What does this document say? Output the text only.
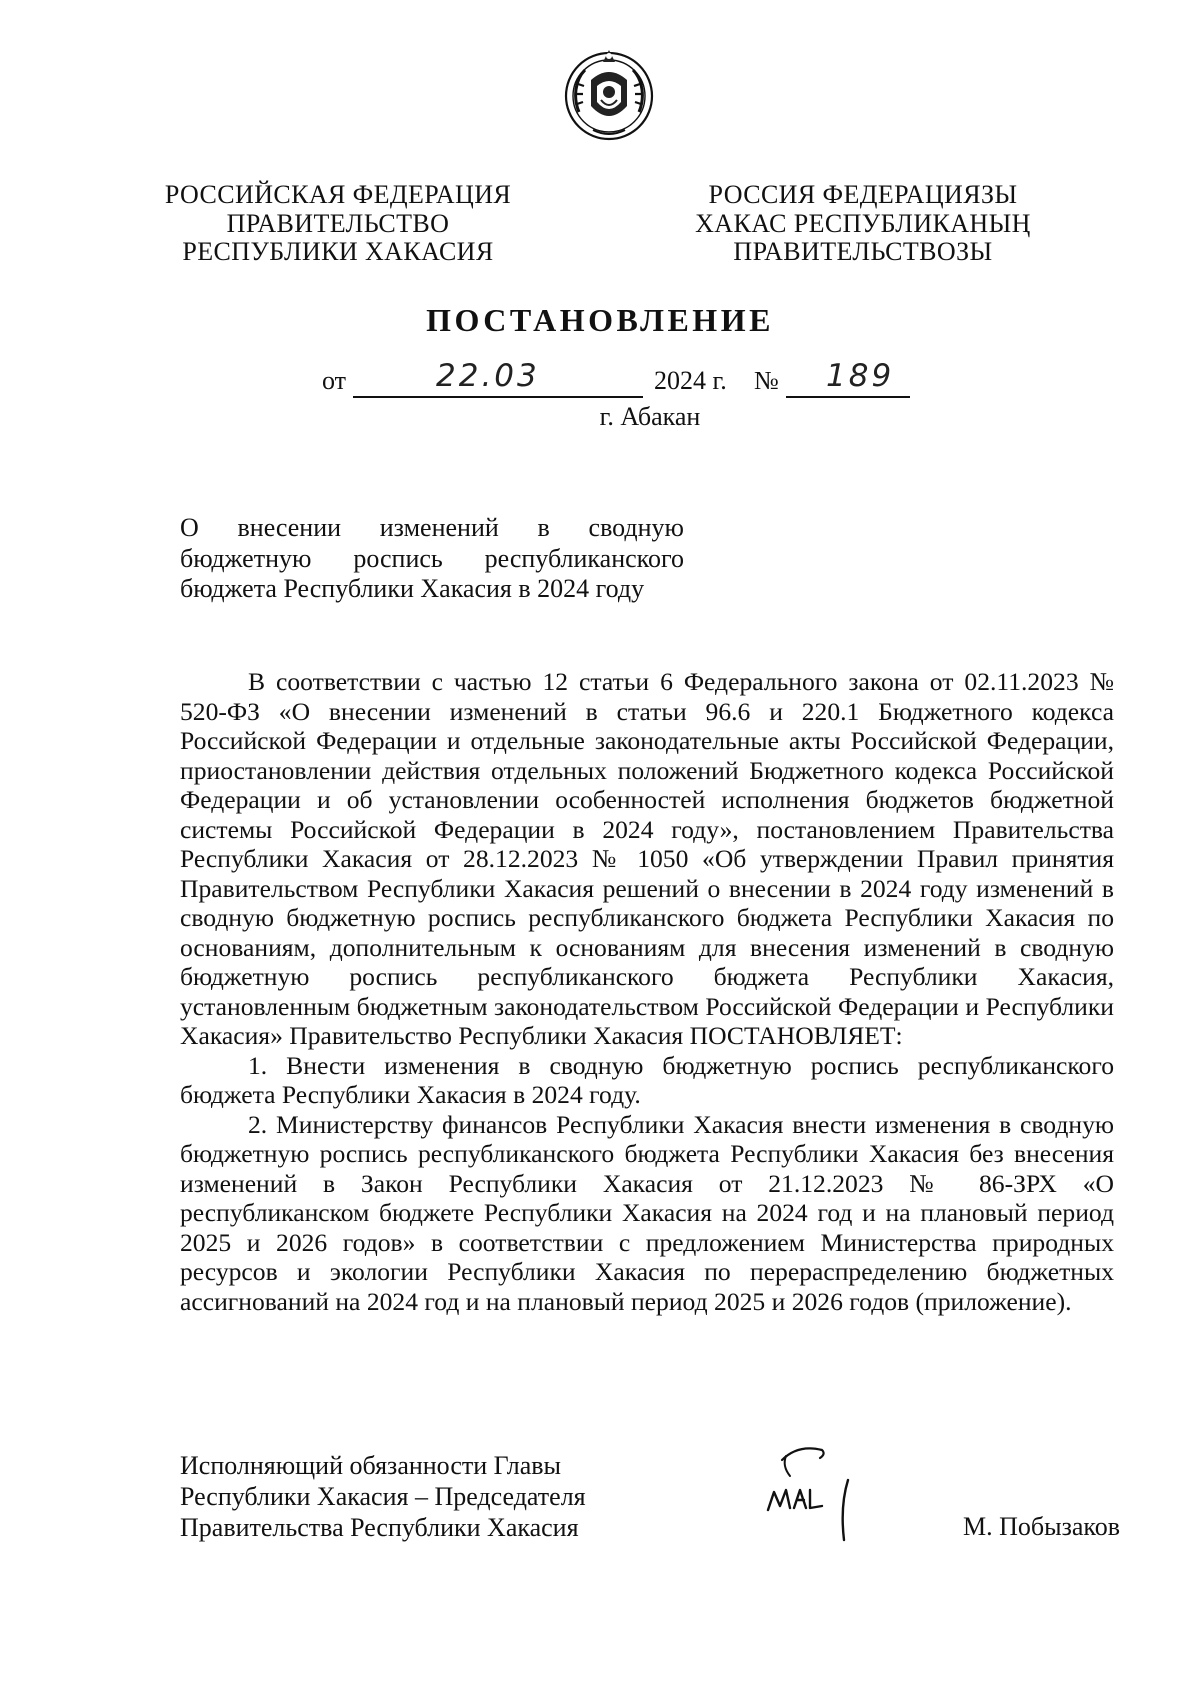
РОССИЙСКАЯ ФЕДЕРАЦИЯ
ПРАВИТЕЛЬСТВО
РЕСПУБЛИКИ ХАКАСИЯ
РОССИЯ ФЕДЕРАЦИЯЗЫ
ХАКАС РЕСПУБЛИКАНЫҢ
ПРАВИТЕЛЬСТВОЗЫ
ПОСТАНОВЛЕНИЕ
от	22.03	2024 г. № 189
г. Абакан
О внесении изменений в сводную
бюджетную роспись республиканского
бюджета Республики Хакасия в 2024 году

В соответствии с частью 12 статьи 6 Федерального закона от 02.11.2023 № 520-ФЗ «О внесении изменений в статьи 96.6 и 220.1 Бюджетного кодекса Российской Федерации и отдельные законодательные акты Российской Федерации, приостановлении действия отдельных положений Бюджетного кодекса Российской Федерации и об установлении особенностей исполнения бюджетов бюджетной системы Российской Федерации в 2024 году», постановлением Правительства Республики Хакасия от 28.12.2023 № 1050 «Об утверждении Правил принятия Правительством Республики Хакасия решений о внесении в 2024 году изменений в сводную бюджетную роспись республиканского бюджета Республики Хакасия по основаниям, дополнительным к основаниям для внесения изменений в сводную бюджетную роспись республиканского бюджета Республики Хакасия, установленным бюджетным законодательством Российской Федерации и Республики Хакасия» Правительство Республики Хакасия ПОСТАНОВЛЯЕТ:

1. Внести изменения в сводную бюджетную роспись республиканского бюджета Республики Хакасия в 2024 году.

2. Министерству финансов Республики Хакасия внести изменения в сводную бюджетную роспись республиканского бюджета Республики Хакасия без внесения изменений в Закон Республики Хакасия от 21.12.2023 № 86-ЗРХ «О республиканском бюджете Республики Хакасия на 2024 год и на плановый период 2025 и 2026 годов» в соответствии с предложением Министерства природных ресурсов и экологии Республики Хакасия по перераспределению бюджетных ассигнований на 2024 год и на плановый период 2025 и 2026 годов (приложение).

Исполняющий обязанности Главы
Республики Хакасия – Председателя
Правительства Республики Хакасия	М. Побызаков
